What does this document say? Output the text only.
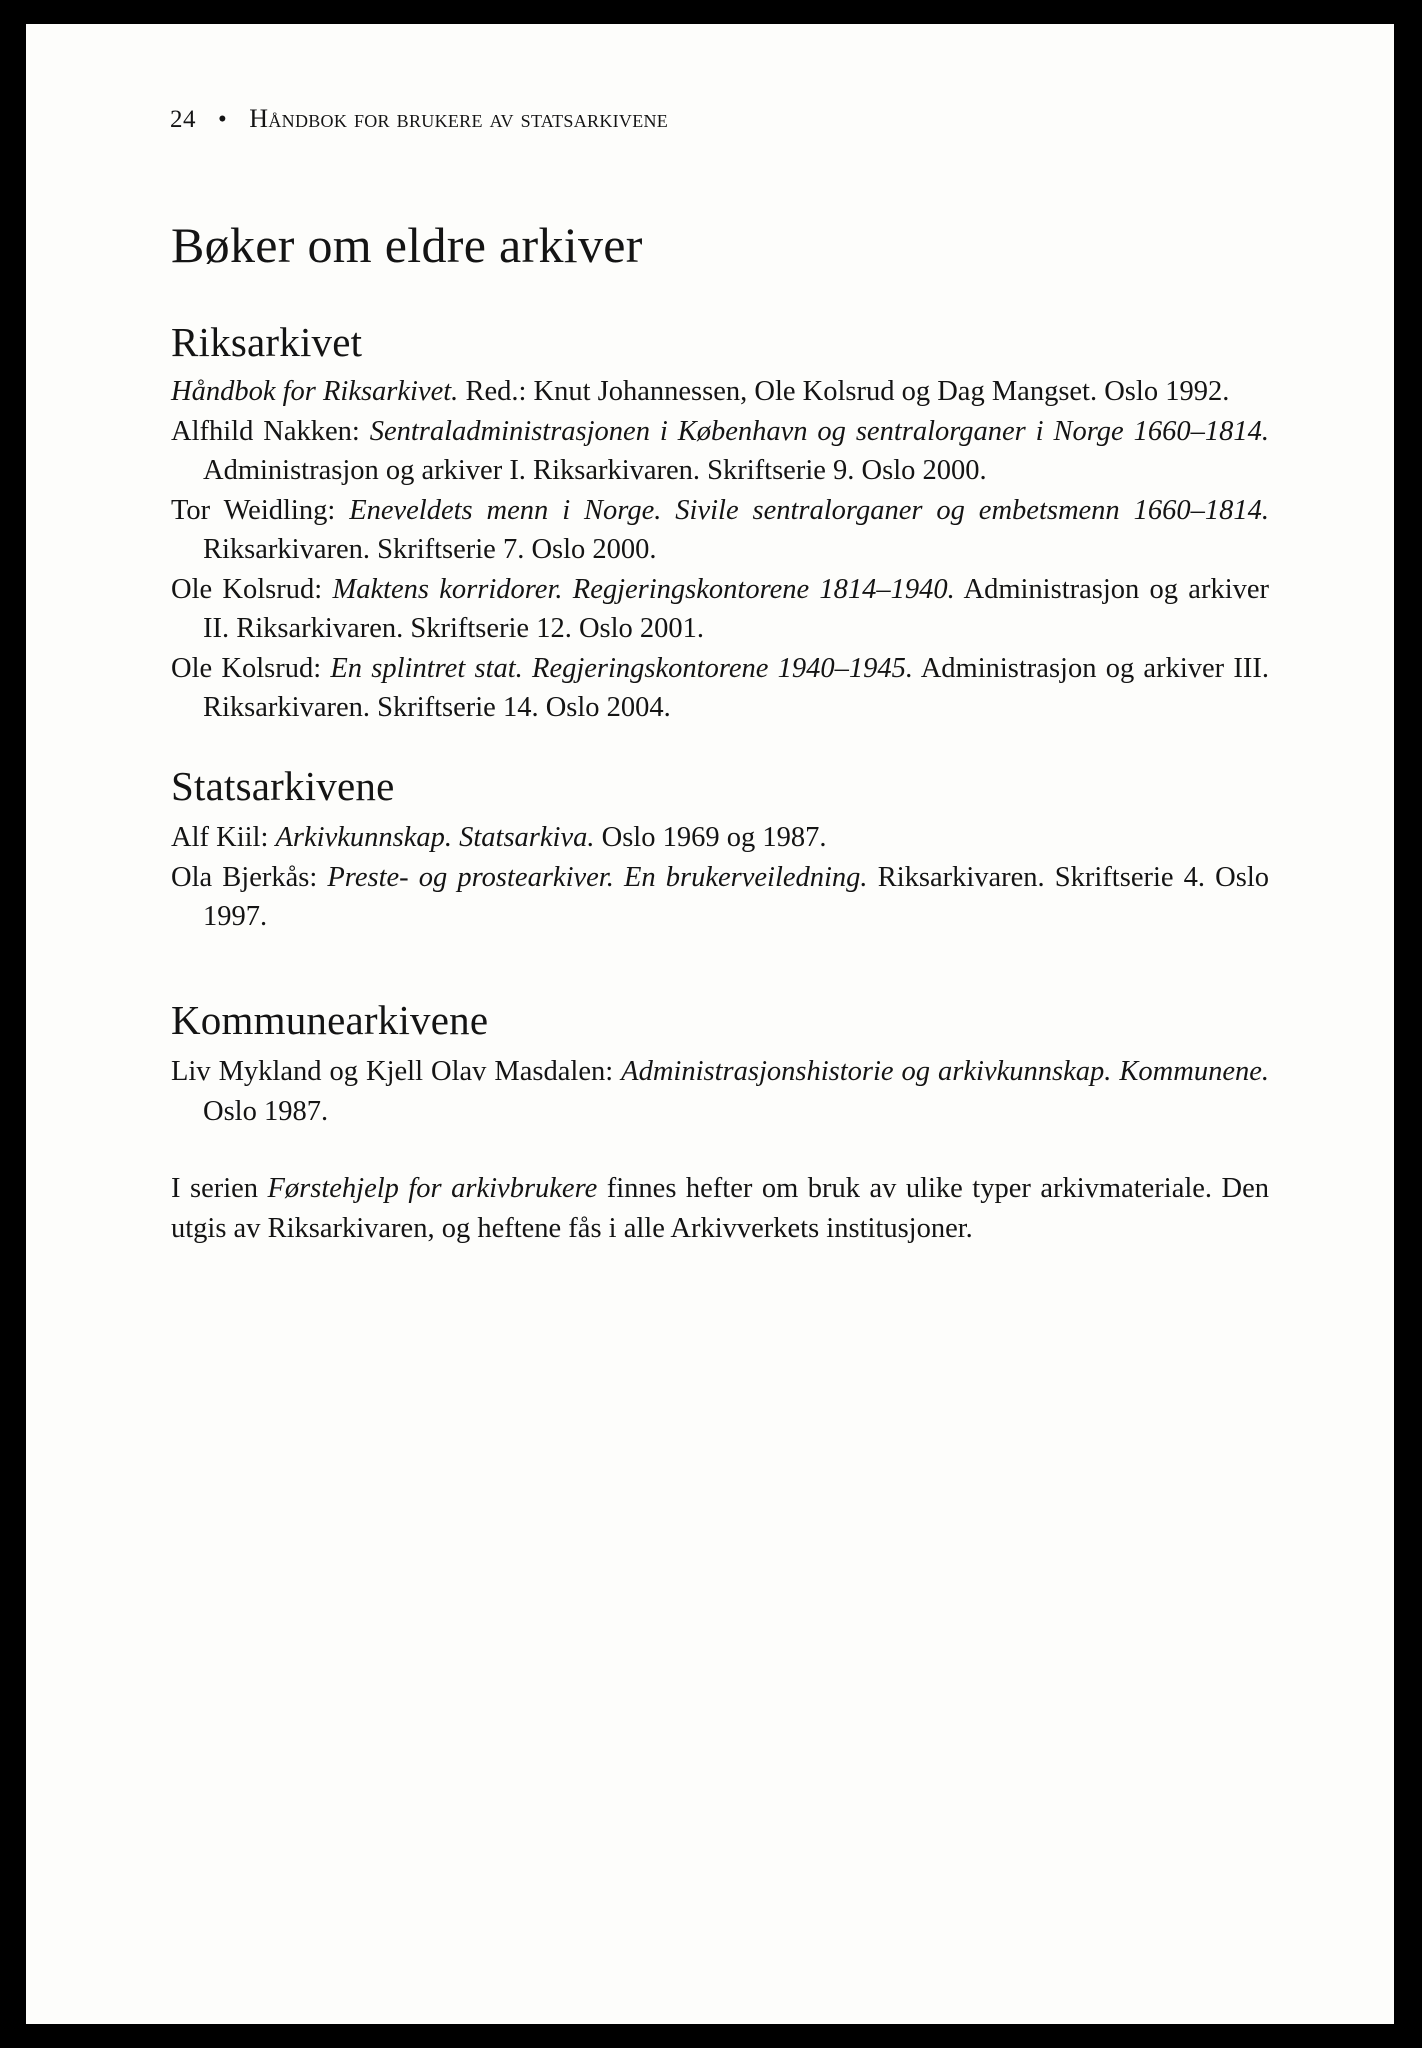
24 • Håndbok for brukere av statsarkivene
Bøker om eldre arkiver
Riksarkivet

Håndbok for Riksarkivet. Red.: Knut Johannessen, Ole Kolsrud og Dag Mangset. Oslo 1992.

Alfhild Nakken: Sentraladministrasjonen i København og sentralorganer i Norge 1660–1814. Administrasjon og arkiver I. Riksarkivaren. Skriftserie 9. Oslo 2000.

Tor Weidling: Eneveldets menn i Norge. Sivile sentralorganer og embetsmenn 1660–1814. Riksarkivaren. Skriftserie 7. Oslo 2000.

Ole Kolsrud: Maktens korridorer. Regjeringskontorene 1814–1940. Administrasjon og arkiver II. Riksarkivaren. Skriftserie 12. Oslo 2001.

Ole Kolsrud: En splintret stat. Regjeringskontorene 1940–1945. Administrasjon og arkiver III. Riksarkivaren. Skriftserie 14. Oslo 2004.

Statsarkivene

Alf Kiil: Arkivkunnskap. Statsarkiva. Oslo 1969 og 1987.

Ola Bjerkås: Preste- og prostearkiver. En brukerveiledning. Riksarkivaren. Skriftserie 4. Oslo 1997.

Kommunearkivene

Liv Mykland og Kjell Olav Masdalen: Administrasjonshistorie og arkivkunnskap. Kommunene. Oslo 1987.

I serien Førstehjelp for arkivbrukere finnes hefter om bruk av ulike typer arkivmateriale. Den utgis av Riksarkivaren, og heftene fås i alle Arkivverkets institusjoner.
